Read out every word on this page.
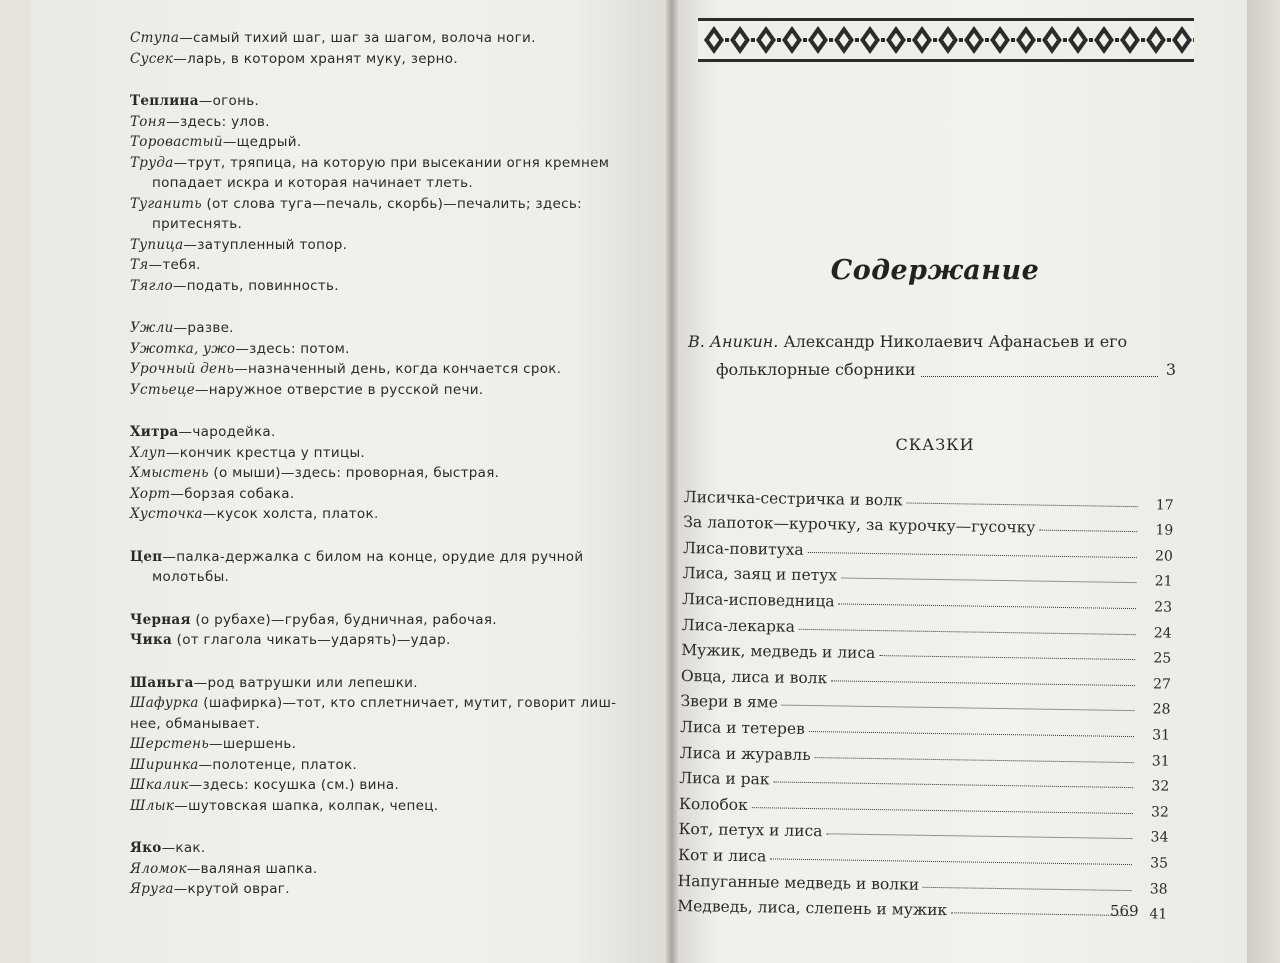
Ступа—самый тихий шаг, шаг за шагом, волоча ноги.

Сусек—ларь, в котором хранят муку, зерно.

Теплина—огонь.

Тоня—здесь: улов.

Торовастый—щедрый.

Труда—трут, тряпица, на которую при высекании огня кремнем

попадает искра и которая начинает тлеть.

Туганить (от слова туга—печаль, скорбь)—печалить; здесь:

притеснять.

Тупица—затупленный топор.

Тя—тебя.

Тягло—подать, повинность.

Ужли—разве.

Ужотка, ужо—здесь: потом.

Урочный день—назначенный день, когда кончается срок.

Устьеце—наружное отверстие в русской печи.

Хитра—чародейка.

Хлуп—кончик крестца у птицы.

Хмыстень (о мыши)—здесь: проворная, быстрая.

Хорт—борзая собака.

Хусточка—кусок холста, платок.

Цеп—палка-держалка с билом на конце, орудие для ручной

молотьбы.

Черная (о рубахе)—грубая, будничная, рабочая.

Чика (от глагола чикать—ударять)—удар.

Шаньга—род ватрушки или лепешки.

Шафурка (шафирка)—тот, кто сплетничает, мутит, говорит лиш-

нее, обманывает.

Шерстень—шершень.

Ширинка—полотенце, платок.

Шкалик—здесь: косушка (см.) вина.

Шлык—шутовская шапка, колпак, чепец.

Яко—как.

Яломок—валяная шапка.

Яруга—крутой овраг.

Содержание
В. Аникин. Александр Николаевич Афанасьев и его
фольклорные сборники	3
СКАЗКИ
Лисичка-сестричка и волк	17
За лапоток—курочку, за курочку—гусочку	19
Лиса-повитуха	20
Лиса, заяц и петух	21
Лиса-исповедница	23
Лиса-лекарка	24
Мужик, медведь и лиса	25
Овца, лиса и волк	27
Звери в яме	28
Лиса и тетерев	31
Лиса и журавль	31
Лиса и рак	32
Колобок	32
Кот, петух и лиса	34
Кот и лиса	35
Напуганные медведь и волки	38
Медведь, лиса, слепень и мужик	41
569
